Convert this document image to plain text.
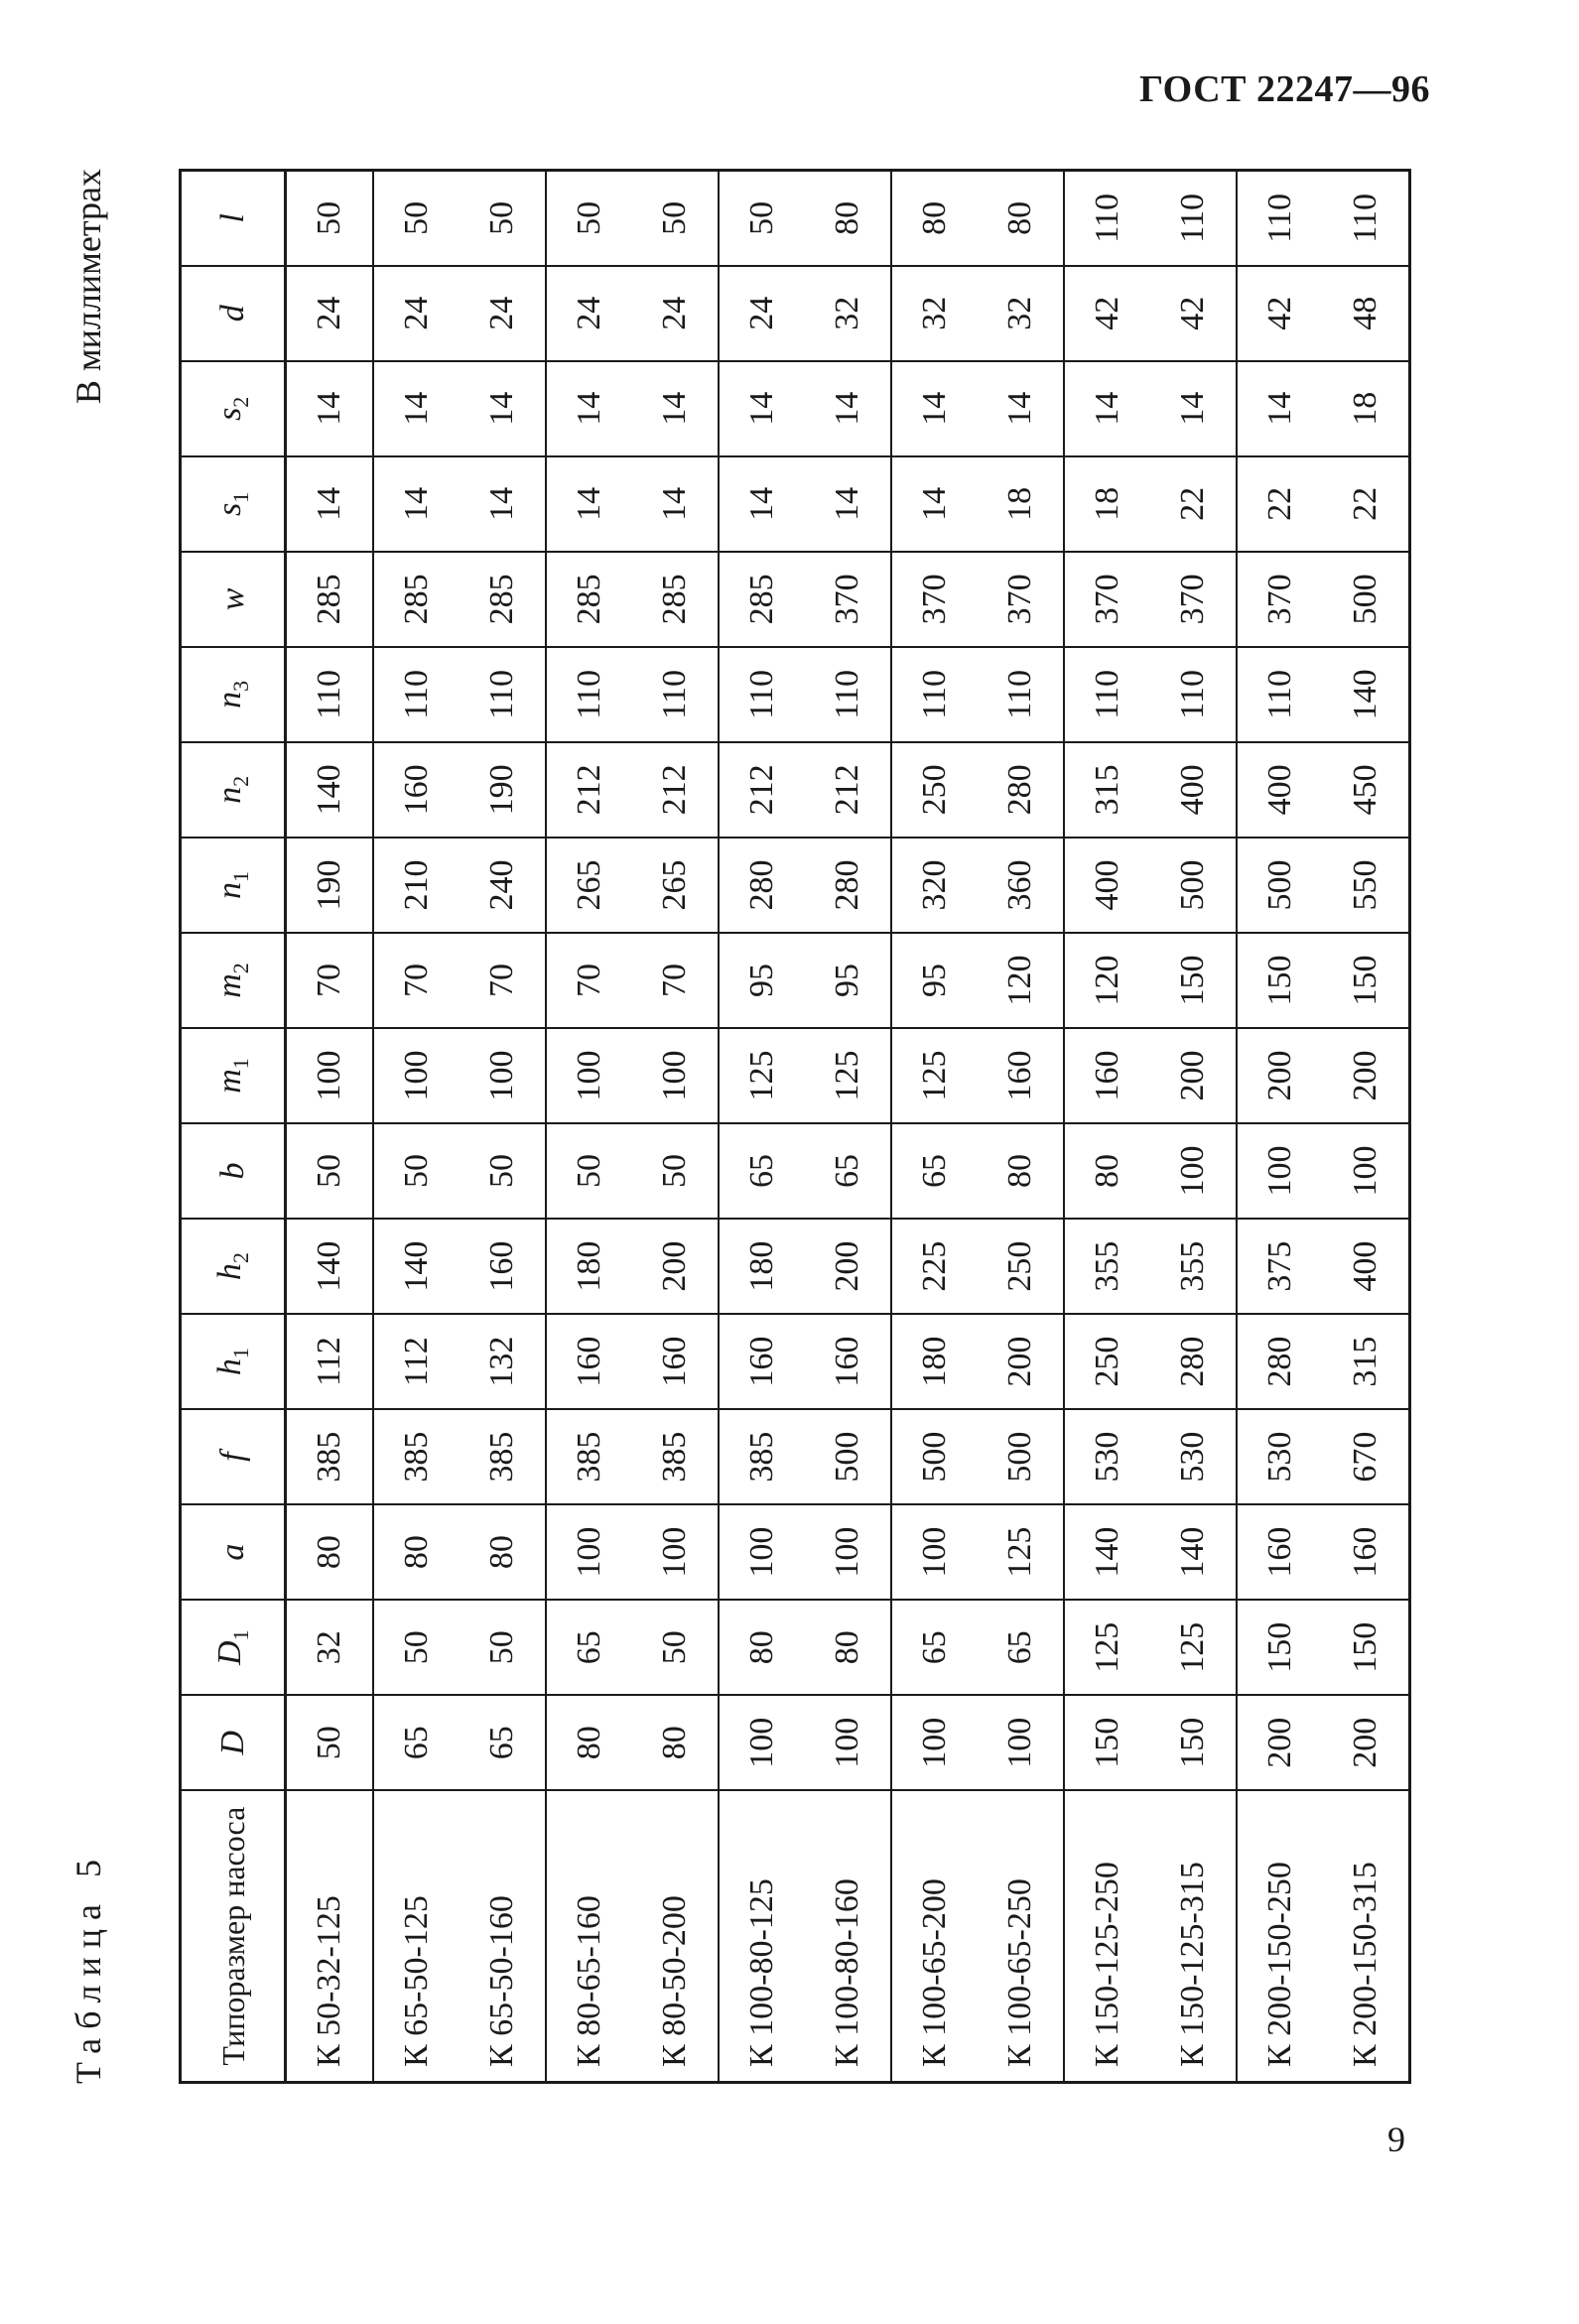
ГОСТ 22247—96
Таблица 5
В миллиметрах
Типоразмер насоса	D	$D_1$	a	f	$h_1$	$h_2$	b	$m_1$	$m_2$	$n_1$	$n_2$	$n_3$	w	$s_1$	$s_2$	d	l
К 50-32-125	50	32	80	385	112	140	50	100	70	190	140	110	285	14	14	24	50
К 65-50-125	65	50	80	385	112	140	50	100	70	210	160	110	285	14	14	24	50
К 65-50-160	65	50	80	385	132	160	50	100	70	240	190	110	285	14	14	24	50
К 80-65-160	80	65	100	385	160	180	50	100	70	265	212	110	285	14	14	24	50
К 80-50-200	80	50	100	385	160	200	50	100	70	265	212	110	285	14	14	24	50
К 100-80-125	100	80	100	385	160	180	65	125	95	280	212	110	285	14	14	24	50
К 100-80-160	100	80	100	500	160	200	65	125	95	280	212	110	370	14	14	32	80
К 100-65-200	100	65	100	500	180	225	65	125	95	320	250	110	370	14	14	32	80
К 100-65-250	100	65	125	500	200	250	80	160	120	360	280	110	370	18	14	32	80
К 150-125-250	150	125	140	530	250	355	80	160	120	400	315	110	370	18	14	42	110
К 150-125-315	150	125	140	530	280	355	100	200	150	500	400	110	370	22	14	42	110
К 200-150-250	200	150	160	530	280	375	100	200	150	500	400	110	370	22	14	42	110
К 200-150-315	200	150	160	670	315	400	100	200	150	550	450	140	500	22	18	48	110
9
